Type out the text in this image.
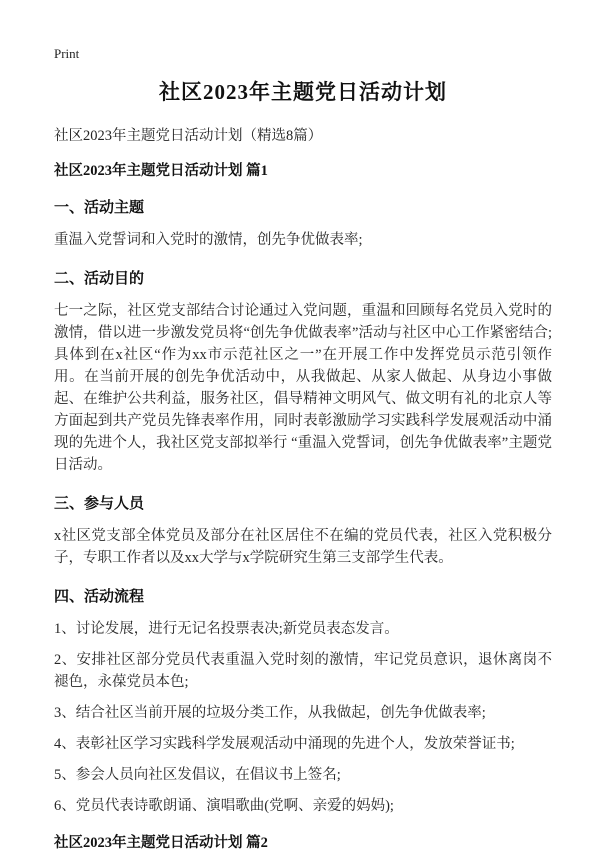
Print
社区2023年主题党日活动计划

社区2023年主题党日活动计划（精选8篇）

社区2023年主题党日活动计划 篇1
一、活动主题

重温入党誓词和入党时的激情，创先争优做表率;

二、活动目的

七一之际，社区党支部结合讨论通过入党问题，重温和回顾每名党员入党时的激情，借以进一步激发党员将“创先争优做表率”活动与社区中心工作紧密结合;具体到在x社区“作为xx市示范社区之一”在开展工作中发挥党员示范引领作用。在当前开展的创先争优活动中，从我做起、从家人做起、从身边小事做起、在维护公共利益，服务社区，倡导精神文明风气、做文明有礼的北京人等方面起到共产党员先锋表率作用，同时表彰激励学习实践科学发展观活动中涌现的先进个人，我社区党支部拟举行 “重温入党誓词，创先争优做表率”主题党日活动。

三、参与人员

x社区党支部全体党员及部分在社区居住不在编的党员代表，社区入党积极分子，专职工作者以及xx大学与x学院研究生第三支部学生代表。

四、活动流程

1、讨论发展，进行无记名投票表决;新党员表态发言。

2、安排社区部分党员代表重温入党时刻的激情，牢记党员意识，退休离岗不褪色，永葆党员本色;

3、结合社区当前开展的垃圾分类工作，从我做起，创先争优做表率;

4、表彰社区学习实践科学发展观活动中涌现的先进个人，发放荣誉证书;

5、参会人员向社区发倡议，在倡议书上签名;

6、党员代表诗歌朗诵、演唱歌曲(党啊、亲爱的妈妈);

社区2023年主题党日活动计划 篇2
